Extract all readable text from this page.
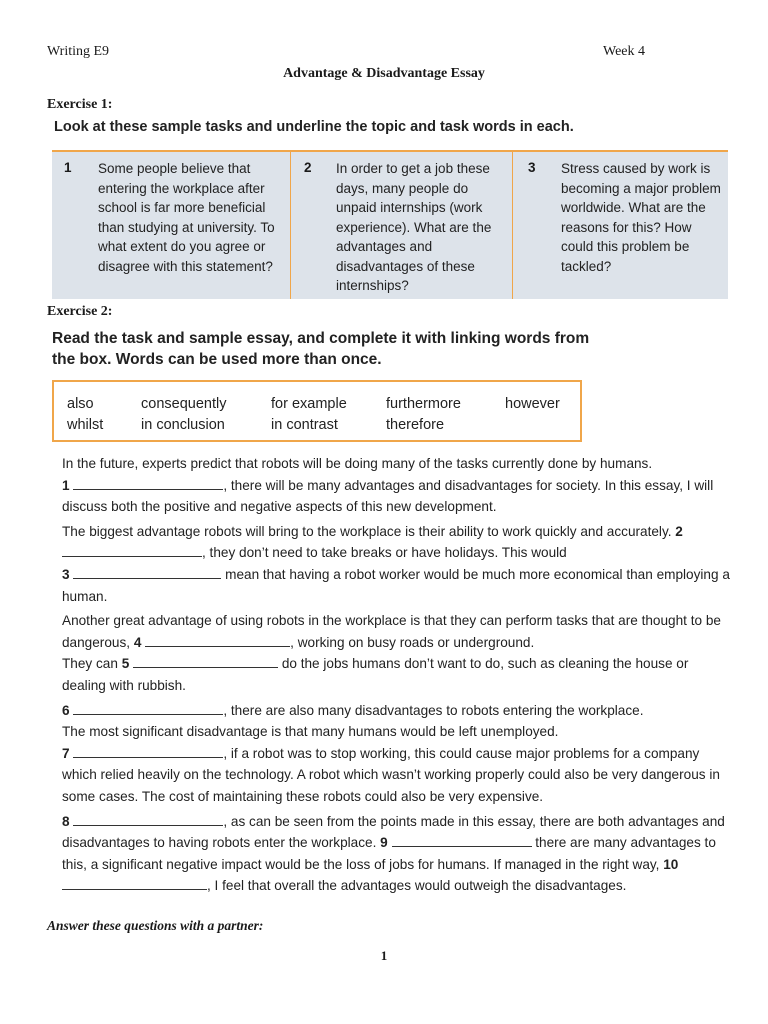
Writing E9	Week 4
Advantage & Disadvantage Essay
Exercise 1:
Look at these sample tasks and underline the topic and task words in each.
1 Some people believe that entering the workplace after school is far more beneficial than studying at university. To what extent do you agree or disagree with this statement?
2 In order to get a job these days, many people do unpaid internships (work experience). What are the advantages and disadvantages of these internships?
3 Stress caused by work is becoming a major problem worldwide. What are the reasons for this? How could this problem be tackled?
Exercise 2:
Read the task and sample essay, and complete it with linking words from the box. Words can be used more than once.
also	consequently	for example	furthermore	however
whilst	in conclusion	in contrast	therefore

In the future, experts predict that robots will be doing many of the tasks currently done by humans.
1	, there will be many advantages and disadvantages for society. In this essay, I will discuss both the positive and negative aspects of this new development.

The biggest advantage robots will bring to the workplace is their ability to work quickly and accurately. 2 , they don’t need to take breaks or have holidays. This would
3	mean that having a robot worker would be much more economical than employing a human.

Another great advantage of using robots in the workplace is that they can perform tasks that are thought to be dangerous, 4	, working on busy roads or underground.
They can 5	do the jobs humans don’t want to do, such as cleaning the house or dealing with rubbish.

6	, there are also many disadvantages to robots entering the workplace.
The most significant disadvantage is that many humans would be left unemployed.
7	, if a robot was to stop working, this could cause major problems for a company which relied heavily on the technology. A robot which wasn’t working properly could also be very dangerous in some cases. The cost of maintaining these robots could also be very expensive.

8	, as can be seen from the points made in this essay, there are both advantages and disadvantages to having robots enter the workplace. 9	there are many advantages to this, a significant negative impact would be the loss of jobs for humans. If managed in the right way, 10 , I feel that overall the advantages would outweigh the disadvantages.

Answer these questions with a partner:
1
